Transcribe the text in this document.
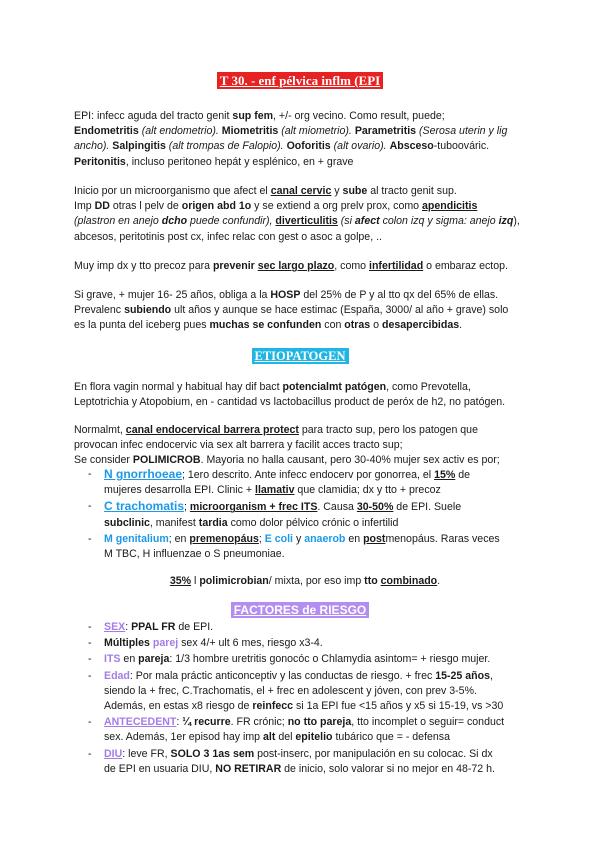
T 30. - enf pélvica inflm (EPI

EPI: infecc aguda del tracto genit sup fem, +/- org vecino. Como result, puede;
Endometritis (alt endometrio). Miometritis (alt miometrio). Parametritis (Serosa uterin y lig ancho). Salpingitis (alt trompas de Falopio). Ooforitis (alt ovario). Absceso-tuboováric.
Peritonitis, incluso peritoneo hepát y esplénico, en + grave

Inicio por un microorganismo que afect el canal cervic y sube al tracto genit sup.
Imp DD otras l pelv de origen abd 1o y se extiend a org prelv prox, como apendicitis
(plastron en anejo dcho puede confundir), diverticulitis (si afect colon izq y sigma: anejo izq),
abcesos, peritotinis post cx, infec relac con gest o asoc a golpe, ..

Muy imp dx y tto precoz para prevenir sec largo plazo, como infertilidad o embaraz ectop.

Si grave, + mujer 16- 25 años, obliga a la HOSP del 25% de P y al tto qx del 65% de ellas.
Prevalenc subiendo ult años y aunque se hace estimac (España, 3000/ al año + grave) solo
es la punta del iceberg pues muchas se confunden con otras o desapercibidas.

ETIOPATOGEN

En flora vagin normal y habitual hay dif bact potencialmt patógen, como Prevotella,
Leptotrichia y Atopobium, en - cantidad vs lactobacillus product de peróx de h2, no patógen.

Normalmt, canal endocervical barrera protect para tracto sup, pero los patogen que
provocan infec endocervic via sex alt barrera y facilit acces tracto sup;
Se consider POLIMICROB. Mayoria no halla causant, pero 30-40% mujer sex activ es por;

- N gnorrhoeae; 1ero descrito. Ante infecc endocerv por gonorrea, el 15% de
mujeres desarrolla EPI. Clinic + llamativ que clamidia; dx y tto + precoz
- C trachomatis; microorganism + frec ITS. Causa 30-50% de EPI. Suele
subclinic, manifest tardia como dolor pélvico crónic o infertilid
- M genitalium; en premenopáus; E coli y anaerob en postmenopáus. Raras veces
M TBC, H influenzae o S pneumoniae.

35% l polimicrobian/ mixta, por eso imp tto combinado.

FACTORES de RIESGO
- SEX: PPAL FR de EPI.
- Múltiples parej sex 4/+ ult 6 mes, riesgo x3-4.
- ITS en pareja: 1/3 hombre uretritis gonocóc o Chlamydia asintom= + riesgo mujer.
- Edad: Por mala práctic anticonceptiv y las conductas de riesgo. + frec 15-25 años,
siendo la + frec, C.Trachomatis, el + frec en adolescent y jóven, con prev 3-5%.
Además, en estas x8 riesgo de reinfecc si 1a EPI fue <15 años y x5 si 15-19, vs >30
- ANTECEDENT: ¼ recurre. FR crónic; no tto pareja, tto incomplet o seguir= conduct
sex. Además, 1er episod hay imp alt del epitelio tubárico que = - defensa
- DIU: leve FR, SOLO 3 1as sem post-inserc, por manipulación en su colocac. Si dx
de EPI en usuaria DIU, NO RETIRAR de inicio, solo valorar si no mejor en 48-72 h.
